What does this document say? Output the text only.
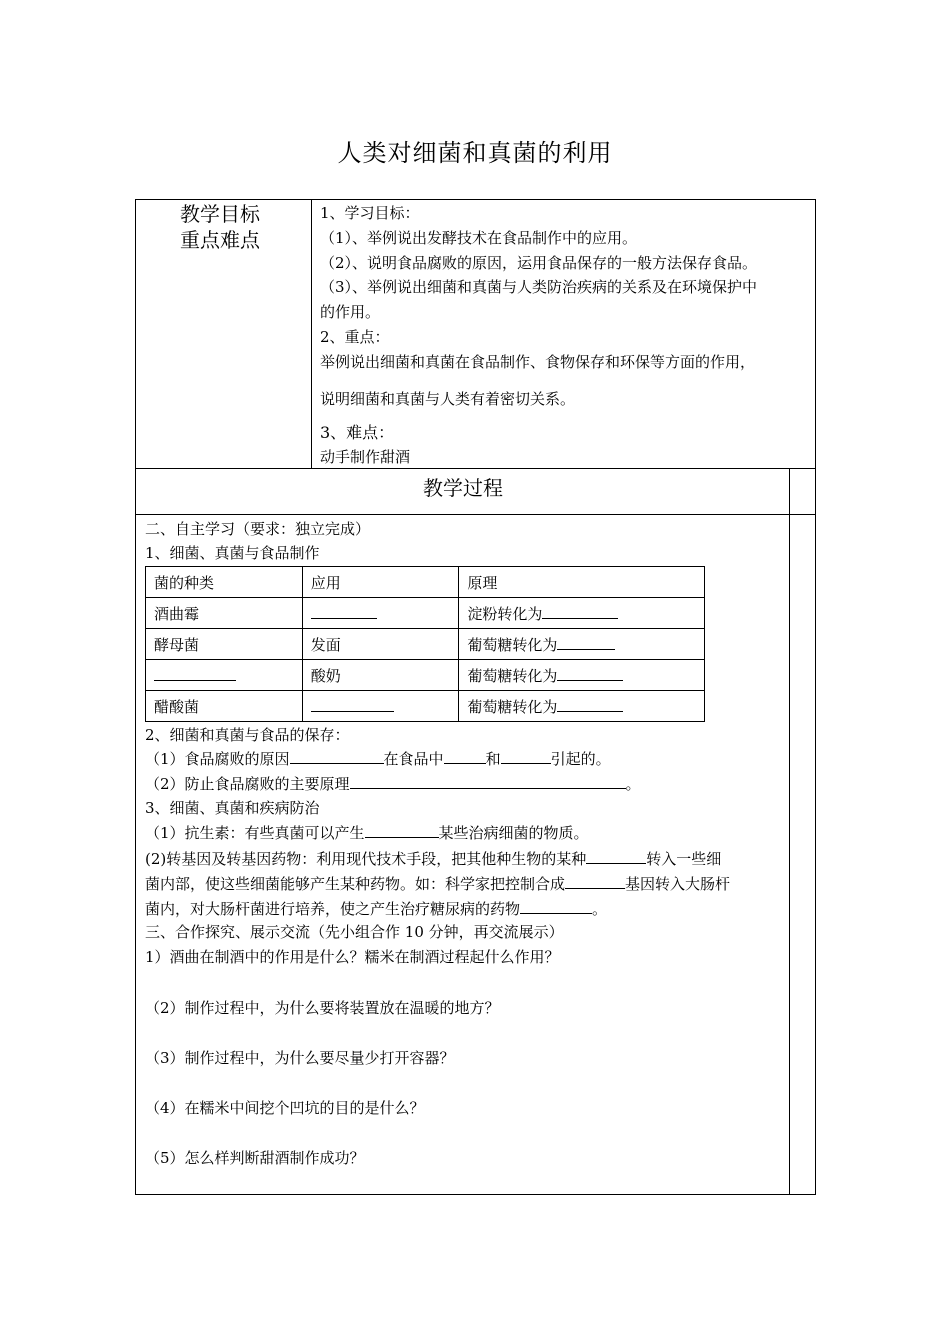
人类对细菌和真菌的利用
教学目标
重点难点
1、学习目标：
（1）、举例说出发酵技术在食品制作中的应用。
（2）、说明食品腐败的原因，运用食品保存的一般方法保存食品。
（3）、举例说出细菌和真菌与人类防治疾病的关系及在环境保护中
的作用。
2、重点：
举例说出细菌和真菌在食品制作、食物保存和环保等方面的作用，
说明细菌和真菌与人类有着密切关系。
3、难点：
动手制作甜酒
教学过程
二、自主学习（要求：独立完成）
1、细菌、真菌与食品制作
菌的种类	应用	原理
酒曲霉		淀粉转化为
酵母菌	发面	葡萄糖转化为
	酸奶	葡萄糖转化为
醋酸菌		葡萄糖转化为
2、细菌和真菌与食品的保存：
（1）食品腐败的原因	在食品中	和	引起的。
（2）防止食品腐败的主要原理	。
3、细菌、真菌和疾病防治
（1）抗生素：有些真菌可以产生	某些治病细菌的物质。
(2)转基因及转基因药物：利用现代技术手段，把其他种生物的某种	转入一些细
菌内部，使这些细菌能够产生某种药物。如：科学家把控制合成	基因转入大肠杆
菌内，对大肠杆菌进行培养，使之产生治疗糖尿病的药物	。
三、合作探究、展示交流（先小组合作 10 分钟，再交流展示）
1）酒曲在制酒中的作用是什么？糯米在制酒过程起什么作用？
（2）制作过程中，为什么要将装置放在温暖的地方？
（3）制作过程中，为什么要尽量少打开容器？
（4）在糯米中间挖个凹坑的目的是什么？
（5）怎么样判断甜酒制作成功？
